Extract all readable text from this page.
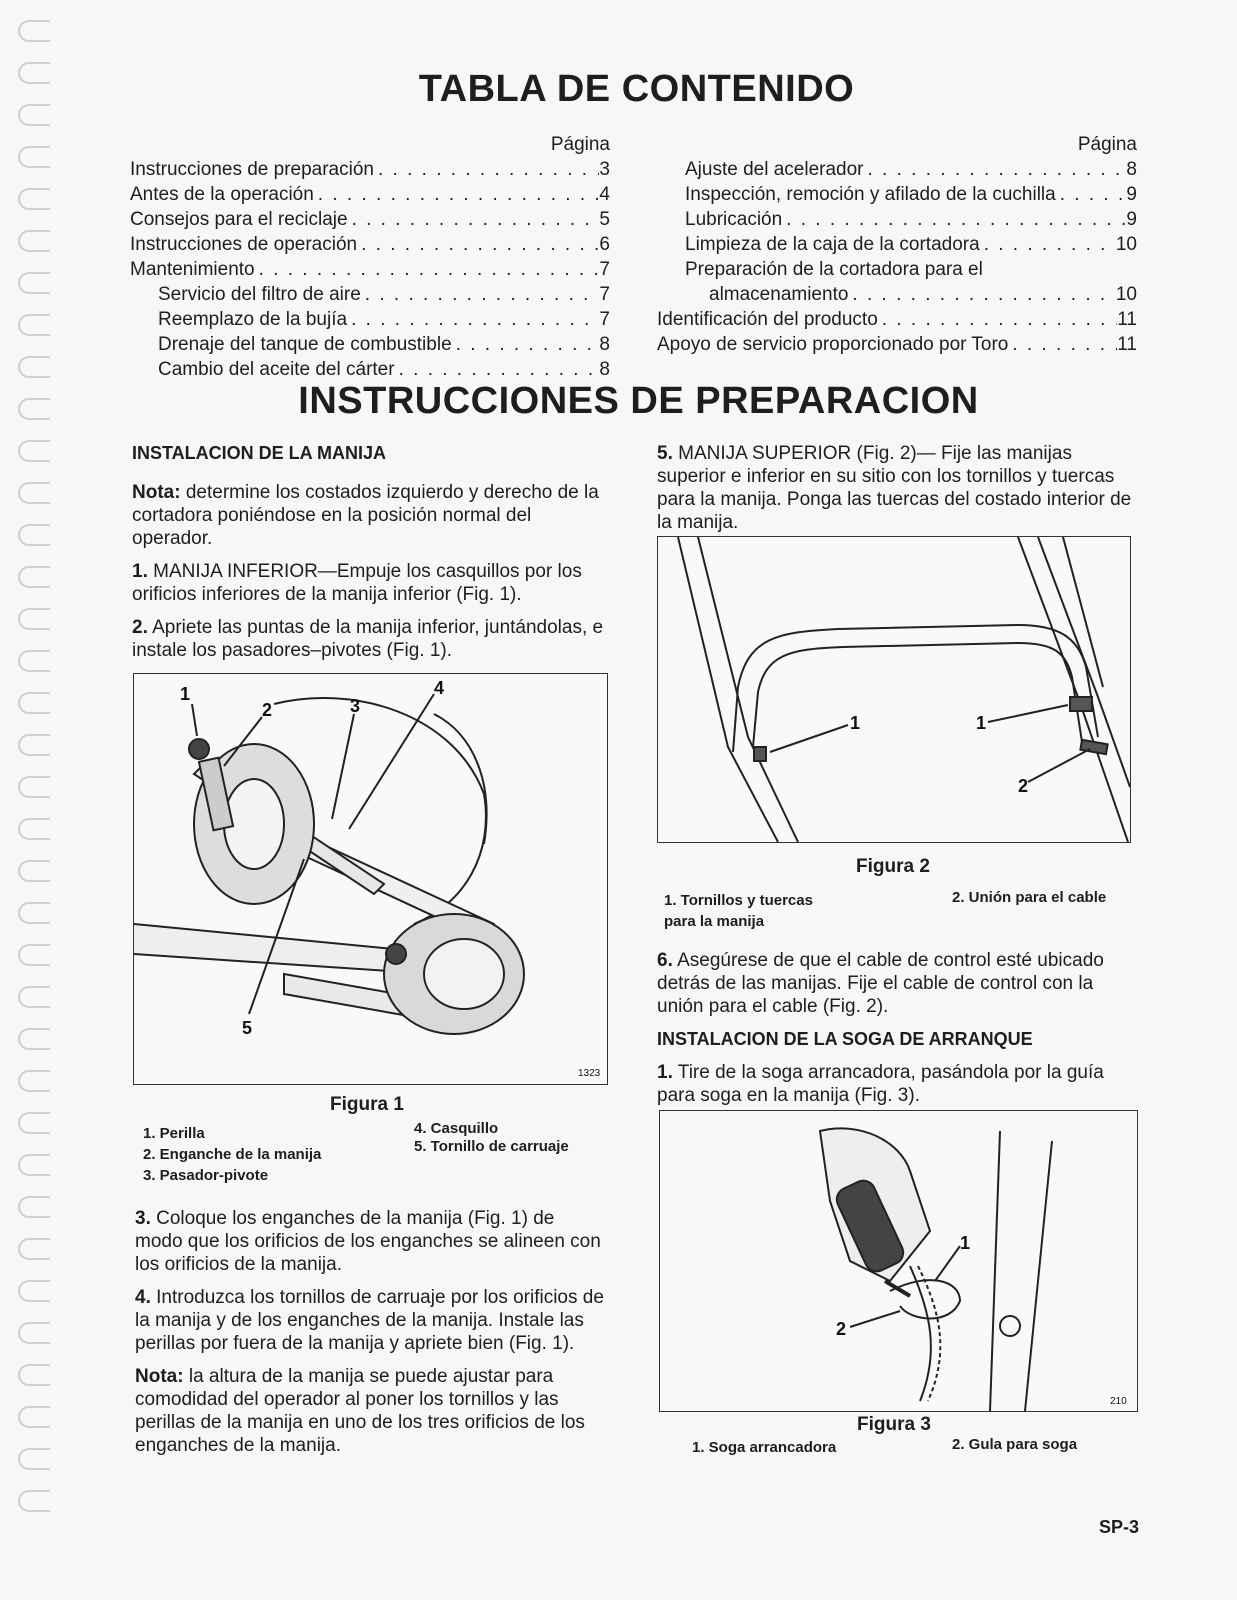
TABLA DE CONTENIDO
Página
Instrucciones de preparación . . .	3
Antes de la operación . . .	4
Consejos para el reciclaje . . .	5
Instrucciones de operación . . .	6
Mantenimiento . . .	7
Servicio del filtro de aire . . .	7
Reemplazo de la bujía . . .	7
Drenaje del tanque de combustible . . .	8
Cambio del aceite del cárter . . .	8
Página
Ajuste del acelerador . . .	8
Inspección, remoción y afilado de la cuchilla . . .	9
Lubricación . . .	9
Limpieza de la caja de la cortadora . . .	10
Preparación de la cortadora para el
almacenamiento . . .	10
Identificación del producto . . .	11
Apoyo de servicio proporcionado por Toro . . .	11
INSTRUCCIONES DE PREPARACION

INSTALACION DE LA MANIJA

Nota: determine los costados izquierdo y derecho de la cortadora poniéndose en la posición normal del operador.

1. MANIJA INFERIOR—Empuje los casquillos por los orificios inferiores de la manija inferior (Fig. 1).

2. Apriete las puntas de la manija inferior, juntándolas, e instale los pasadores–pivotes (Fig. 1).

1
2	3
4
5
1323
Figura 1
1. Perilla
2. Enganche de la manija
3. Pasador-pivote
4. Casquillo
5. Tornillo de carruaje

3. Coloque los enganches de la manija (Fig. 1) de modo que los orificios de los enganches se alineen con los orificios de la manija.

4. Introduzca los tornillos de carruaje por los orificios de la manija y de los enganches de la manija. Instale las perillas por fuera de la manija y apriete bien (Fig. 1).

Nota: la altura de la manija se puede ajustar para comodidad del operador al poner los tornillos y las perillas de la manija en uno de los tres orificios de los enganches de la manija.

5. MANIJA SUPERIOR (Fig. 2)— Fije las manijas superior e inferior en su sitio con los tornillos y tuercas para la manija. Ponga las tuercas del costado interior de la manija.

1	1
2
Figura 2
1. Tornillos y tuercas
para la manija
2. Unión para el cable

6. Asegúrese de que el cable de control esté ubicado detrás de las manijas. Fije el cable de control con la unión para el cable (Fig. 2).

INSTALACION DE LA SOGA DE ARRANQUE

1. Tire de la soga arrancadora, pasándola por la guía para soga en la manija (Fig. 3).

1
2
210
Figura 3
1. Soga arrancadora	2. Gula para soga
SP-3
